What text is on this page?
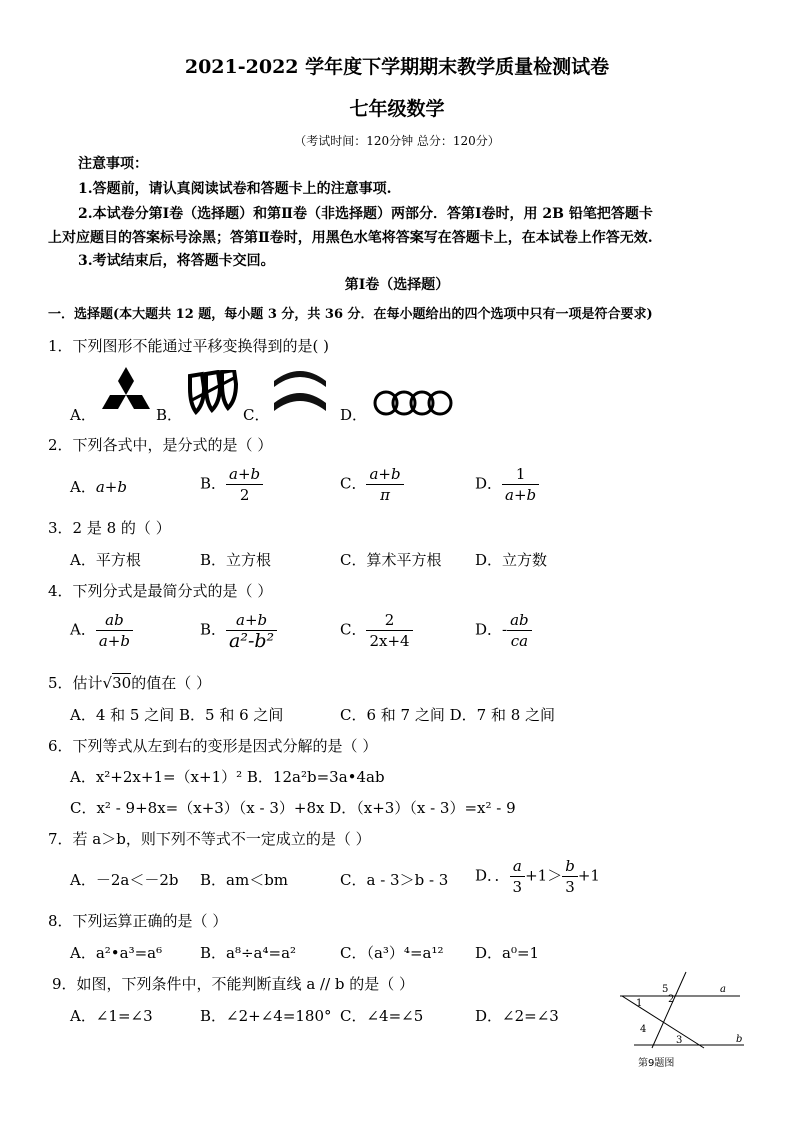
2021-2022 学年度下学期期末教学质量检测试卷
七年级数学
（考试时间：120分钟 总分：120分）
注意事项：
1.答题前，请认真阅读试卷和答题卡上的注意事项.
2.本试卷分第Ⅰ卷（选择题）和第Ⅱ卷（非选择题）两部分．答第Ⅰ卷时，用 2B 铅笔把答题卡
上对应题目的答案标号涂黑；答第Ⅱ卷时，用黑色水笔将答案写在答题卡上，在本试卷上作答无效.
3.考试结束后，将答题卡交回。
第Ⅰ卷（选择题）
一．选择题(本大题共 12 题，每小题 3 分，共 36 分．在每小题给出的四个选项中只有一项是符合要求)
1．下列图形不能通过平移变换得到的是( )
A．	B．	C．	D．
2．下列各式中，是分式的是（ ）
A．a+b	B． $\frac{a+b}{2}$	C． $\frac{a+b}{\pi}$	D． $\frac{1}{a+b}$
3．2 是 8 的（ ）
A．平方根	B．立方根	C．算术平方根 D．立方数
4．下列分式是最简分式的是（ ）
A． $\frac{ab}{a+b}$	B． $\frac{a+b}{\text{a²-b²}}$	C． $\frac{2}{2x+4}$	D．- $\frac{ab}{ca}$
5．估计√30的值在（ ）
A．4 和 5 之间 B．5 和 6 之间	C．6 和 7 之间 D．7 和 8 之间
6．下列等式从左到右的变形是因式分解的是（ ）
A．x²+2x+1=（x+1）² B．12a²b=3a•4ab
C．x² - 9+8x=（x+3）（x - 3）+8x D．（x+3）（x - 3）=x² - 9
7．若 a＞b，则下列不等式不一定成立的是（ ）
A．－2a＜－2b B．am＜bm	C．a - 3＞b - 3 D．． $\frac{a}{3} +1> \frac{b}{3} +1$
8．下列运算正确的是（ ）
A．a²•a³=a⁶	B．a⁸÷a⁴=a²	C．（a³）⁴=a¹² D．a⁰=1
9．如图，下列条件中，不能判断直线 a // b 的是（ ）
A．∠1=∠3	B．∠2+∠4=180° C．∠4=∠5	D．∠2=∠3
a
b
1	2
3
4
5
第9题图
